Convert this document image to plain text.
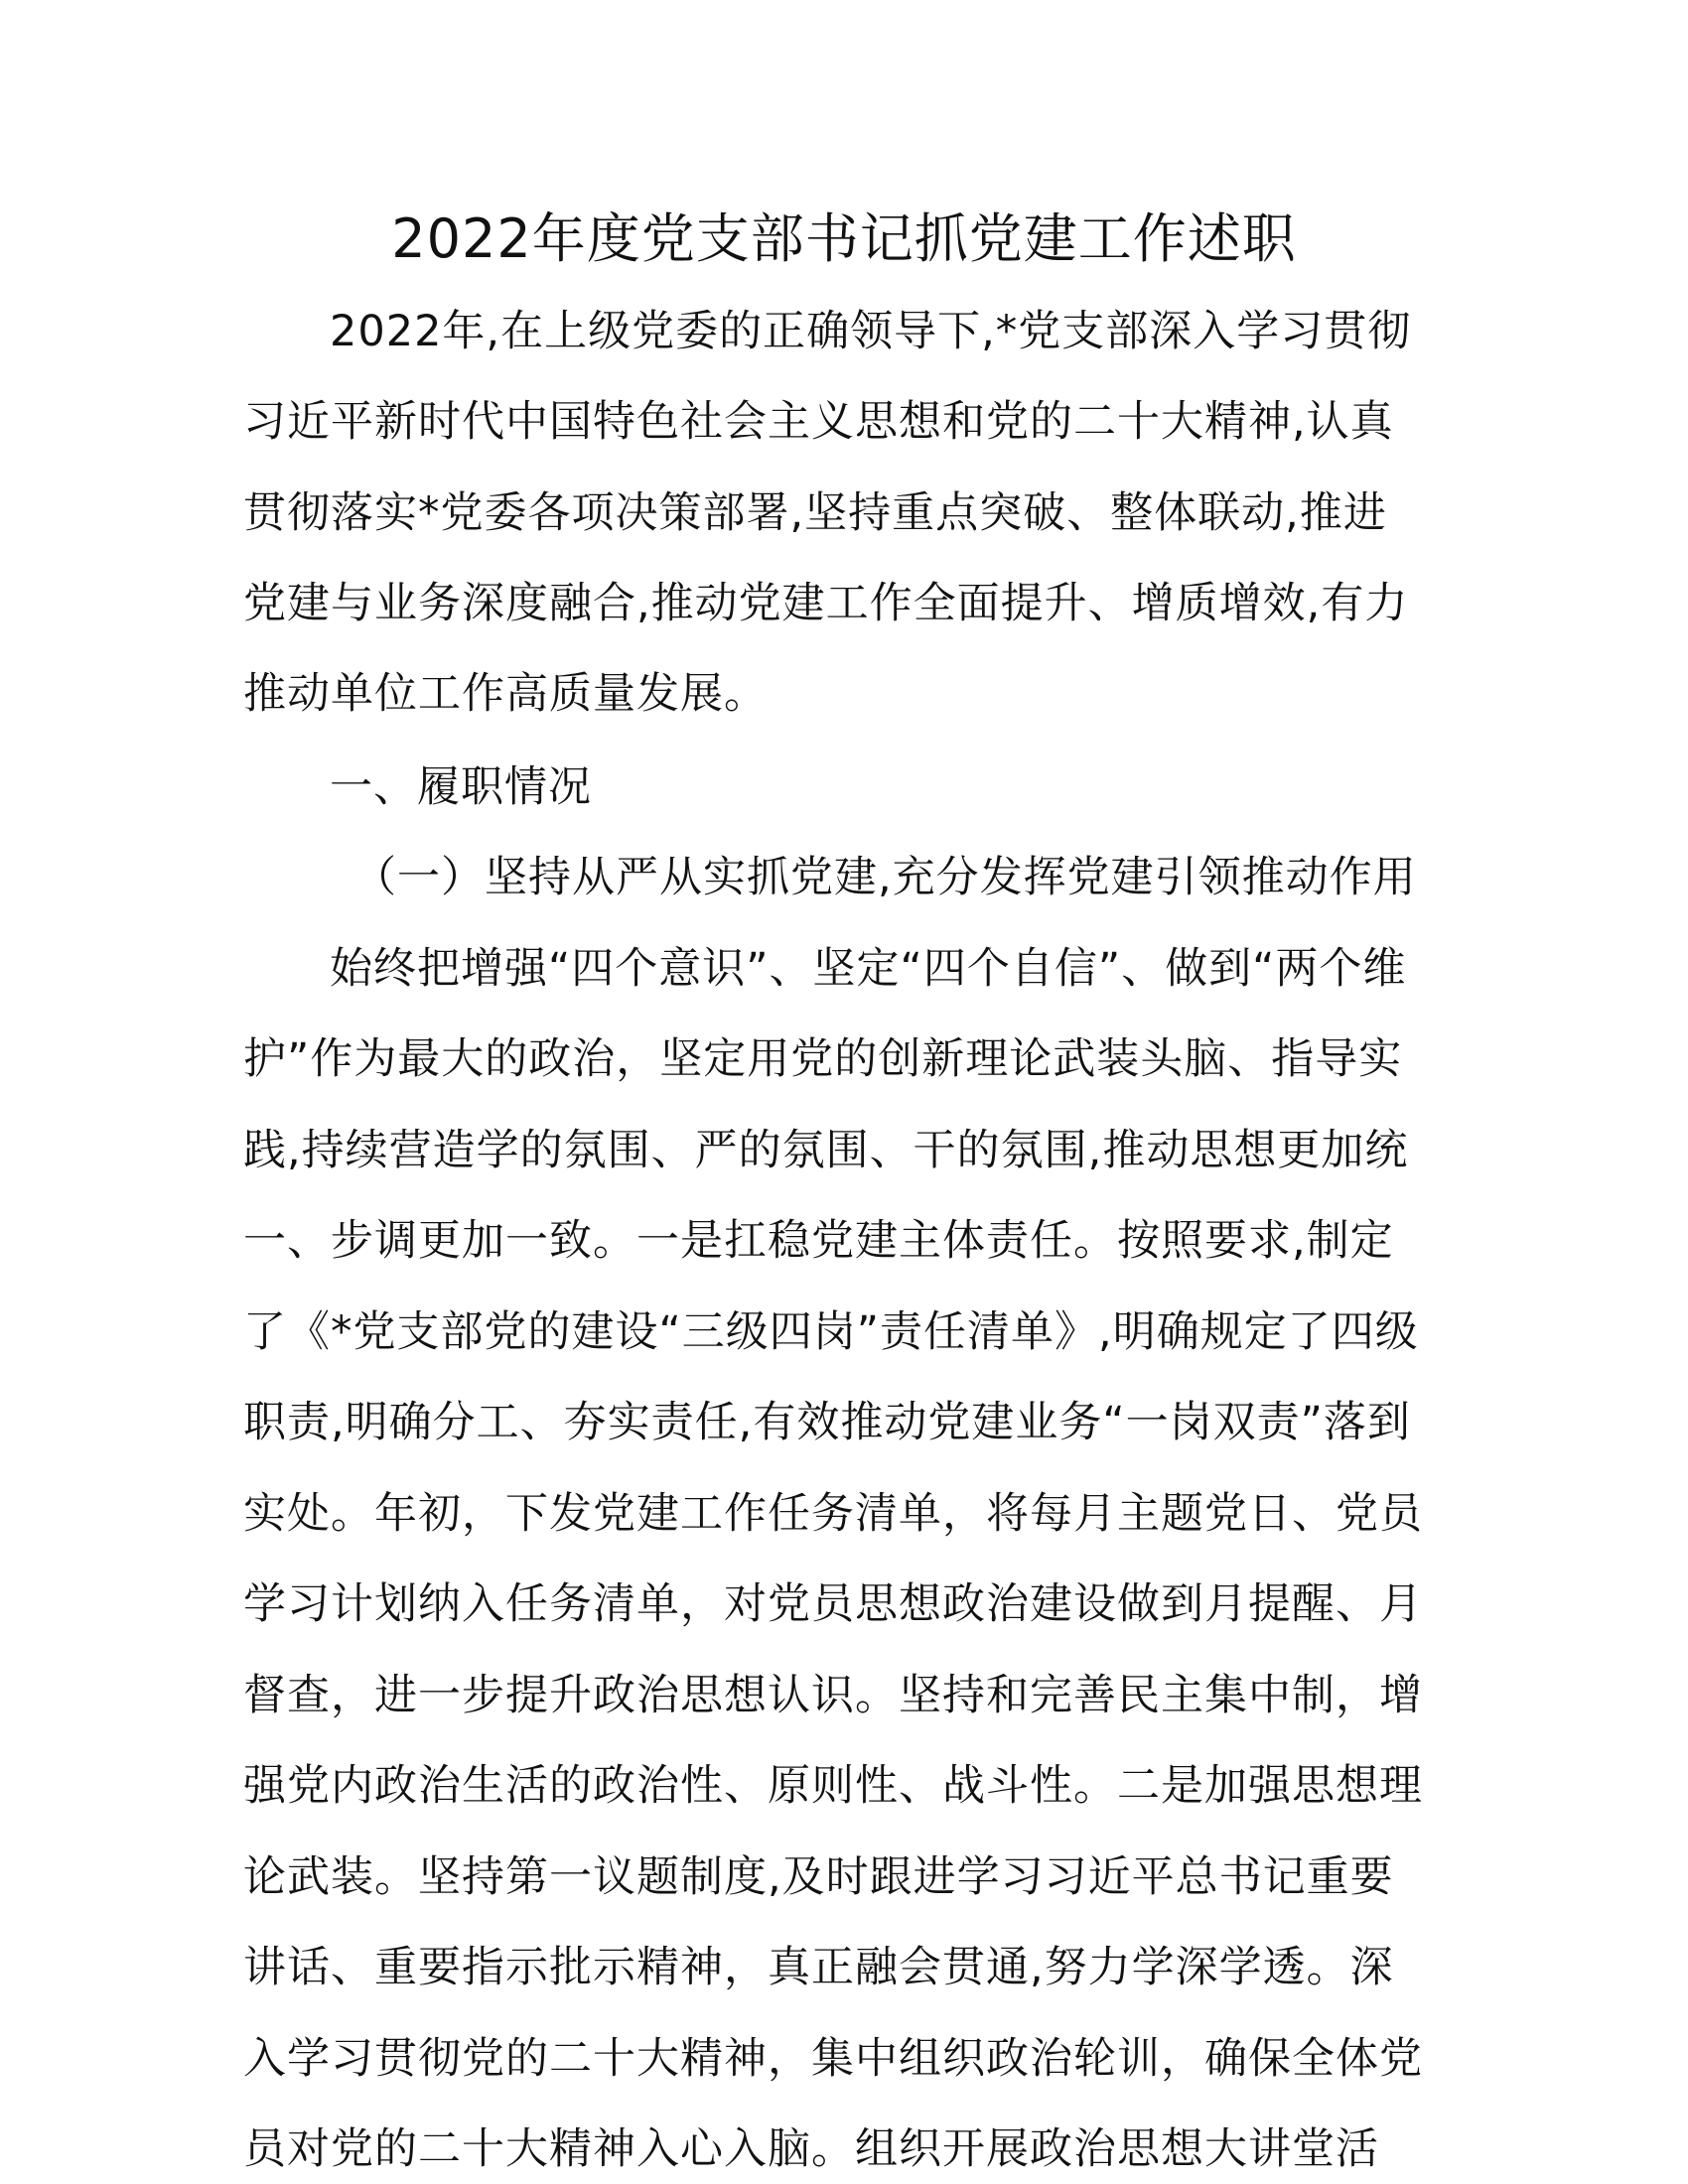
2022年度党支部书记抓党建工作述职
2022年,在上级党委的正确领导下,*党支部深入学习贯彻
习近平新时代中国特色社会主义思想和党的二十大精神,认真
贯彻落实*党委各项决策部署,坚持重点突破、整体联动,推进
党建与业务深度融合,推动党建工作全面提升、增质增效,有力
推动单位工作高质量发展。
一、履职情况
（一）坚持从严从实抓党建,充分发挥党建引领推动作用
始终把增强“四个意识”、坚定“四个自信”、做到“两个维
护”作为最大的政治，坚定用党的创新理论武装头脑、指导实
践,持续营造学的氛围、严的氛围、干的氛围,推动思想更加统
一、步调更加一致。一是扛稳党建主体责任。按照要求,制定
了《*党支部党的建设“三级四岗”责任清单》,明确规定了四级
职责,明确分工、夯实责任,有效推动党建业务“一岗双责”落到
实处。年初，下发党建工作任务清单，将每月主题党日、党员
学习计划纳入任务清单，对党员思想政治建设做到月提醒、月
督查，进一步提升政治思想认识。坚持和完善民主集中制，增
强党内政治生活的政治性、原则性、战斗性。二是加强思想理
论武装。坚持第一议题制度,及时跟进学习习近平总书记重要
讲话、重要指示批示精神，真正融会贯通,努力学深学透。深
入学习贯彻党的二十大精神，集中组织政治轮训，确保全体党
员对党的二十大精神入心入脑。组织开展政治思想大讲堂活
